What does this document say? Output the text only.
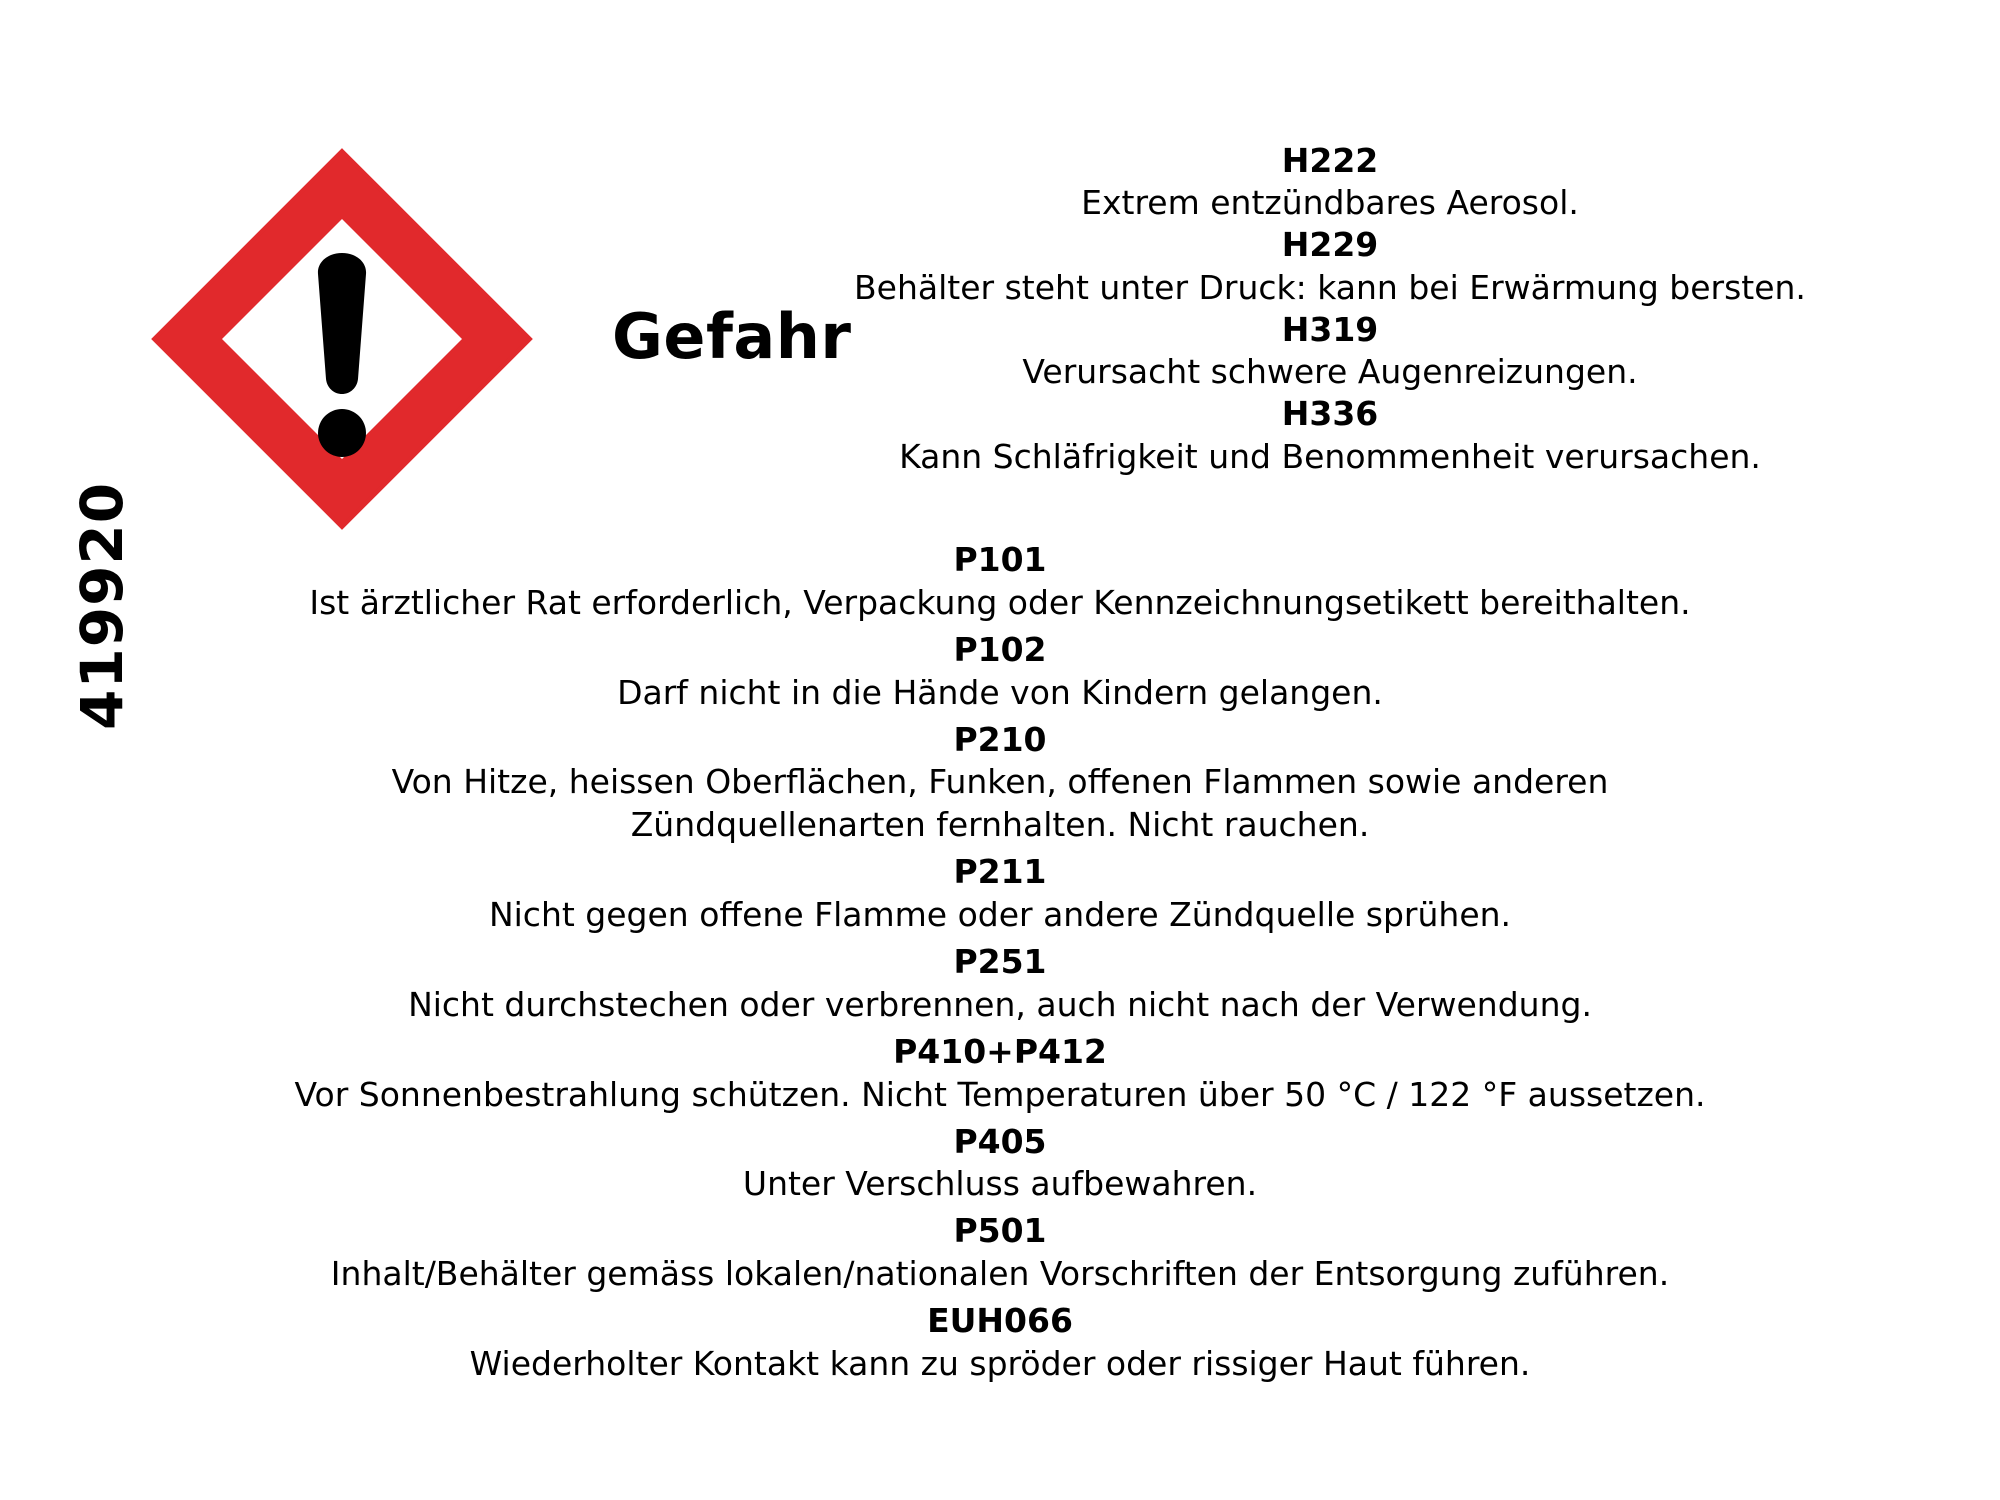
419920
Gefahr
H222
Extrem entzündbares Aerosol.
H229
Behälter steht unter Druck: kann bei Erwärmung bersten.
H319
Verursacht schwere Augenreizungen.
H336
Kann Schläfrigkeit und Benommenheit verursachen.
P101
Ist ärztlicher Rat erforderlich, Verpackung oder Kennzeichnungsetikett bereithalten.
P102
Darf nicht in die Hände von Kindern gelangen.
P210
Von Hitze, heissen Oberflächen, Funken, offenen Flammen sowie anderen Zündquellenarten fernhalten. Nicht rauchen.
P211
Nicht gegen offene Flamme oder andere Zündquelle sprühen.
P251
Nicht durchstechen oder verbrennen, auch nicht nach der Verwendung.
P410+P412
Vor Sonnenbestrahlung schützen. Nicht Temperaturen über 50 °C / 122 °F aussetzen.
P405
Unter Verschluss aufbewahren.
P501
Inhalt/Behälter gemäss lokalen/nationalen Vorschriften der Entsorgung zuführen.
EUH066
Wiederholter Kontakt kann zu spröder oder rissiger Haut führen.
